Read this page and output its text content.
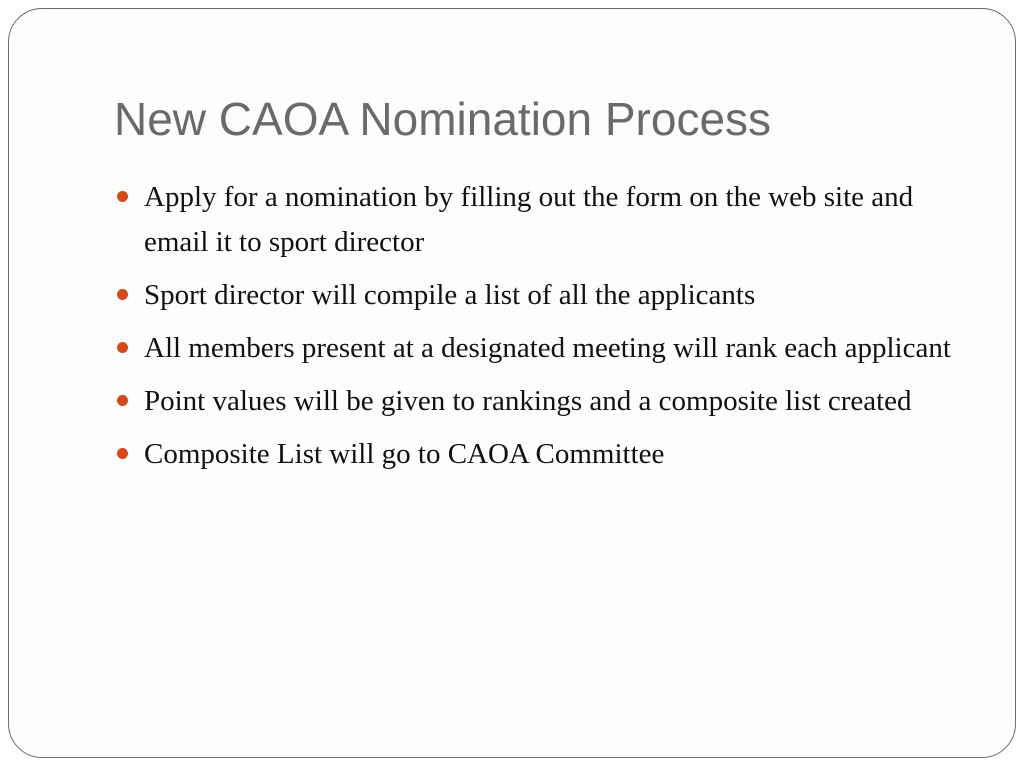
New CAOA Nomination Process
Apply for a nomination by filling out the form on the web site and email it to sport director
Sport director will compile a list of all the applicants
All members present at a designated meeting will rank each applicant
Point values will be given to rankings and a composite list created
Composite List will go to CAOA Committee
